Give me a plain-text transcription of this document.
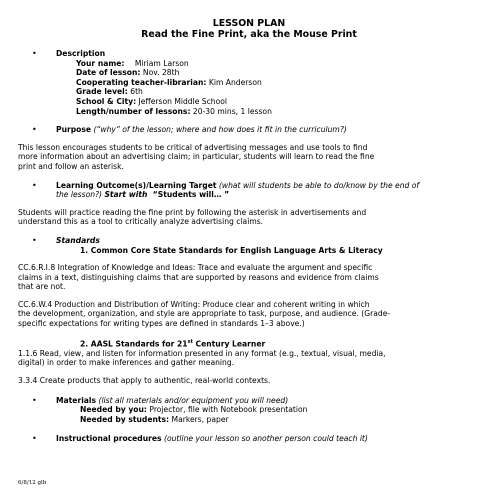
LESSON PLAN
Read the Fine Print, aka the Mouse Print
•	Description
Your name: Miriam Larson
Date of lesson: Nov. 28th
Cooperating teacher-librarian: Kim Anderson
Grade level: 6th
School & City: Jefferson Middle School
Length/number of lessons: 20-30 mins, 1 lesson
•	Purpose (“why” of the lesson; where and how does it fit in the curriculum?)

This lesson encourages students to be critical of advertising messages and use tools to find

more information about an advertising claim; in particular, students will learn to read the fine

print and follow an asterisk.

•	Learning Outcome(s)/Learning Target (what will students be able to do/know by the end of
the lesson?) Start with “Students will… ”

Students will practice reading the fine print by following the asterisk in advertisements and

understand this as a tool to critically analyze advertising claims.

•	Standards
1. Common Core State Standards for English Language Arts & Literacy

CC.6.R.I.8 Integration of Knowledge and Ideas: Trace and evaluate the argument and specific

claims in a text, distinguishing claims that are supported by reasons and evidence from claims

that are not.

CC.6.W.4 Production and Distribution of Writing: Produce clear and coherent writing in which

the development, organization, and style are appropriate to task, purpose, and audience. (Grade-

specific expectations for writing types are defined in standards 1–3 above.)

2. AASL Standards for 21st Century Learner

1.1.6 Read, view, and listen for information presented in any format (e.g., textual, visual, media,

digital) in order to make inferences and gather meaning.

3.3.4 Create products that apply to authentic, real-world contexts.

•	Materials (list all materials and/or equipment you will need)
Needed by you: Projector, file with Notebook presentation
Needed by students: Markers, paper
•	Instructional procedures (outline your lesson so another person could teach it)
6/8/12 glb
